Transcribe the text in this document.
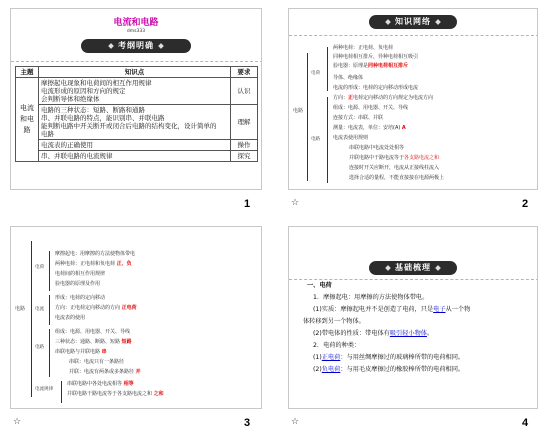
电流和电路
dms333
考纲明确
主题	知识点	要求
电流和电路	摩擦起电现象和电荷间的相互作用规律
电流形成的原因和方向的规定
会判断导体和绝缘体	认识

	电路的三种状态：短路、断路和通路
串、并联电路的特点，能识别串、并联电路
能判断电路中开关断开或闭合后电路的结构变化，设计简单的
电路	理解
	电流表的正确使用	操作
	串、并联电路的电流规律	探究
1
知识网络
电路
电荷
电路
两种电荷：正电荷、负电荷
同种电荷相互排斥，异种电荷相互吸引
验电器：原理是同种电荷相互排斥
导体、绝缘体
电流的形成：电荷的定向移动形成电流
方向：正电荷定向移动的方向规定为电流方向
组成：电源、用电器、开关、导线
连接方式：串联、并联
测量：电流表，单位：安培(A) A
电流表使用规则
串联电路中电流处处相等
并联电路中干路电流等于各支路电流之和
连接时开关应断开，电流从正接线柱流入
选择合适的量程，不能直接接在电源两极上
☆	2
电路
电荷
摩擦起电：用摩擦的方法使物体带电
两种电荷：正电荷和负电荷 正、负
电荷间的相互作用规律
验电器的原理及作用
电流
形成：电荷的定向移动
方向：正电荷定向移动的方向 正电荷
电流表的使用
电路
组成：电源、用电器、开关、导线
三种状态：通路、断路、短路 短路
串联电路与并联电路 串
串联：电流只有一条路径
并联：电流有两条或多条路径 并
电流规律
串联电路中各处电流相等 相等
并联电路干路电流等于各支路电流之和 之和
☆	3
基础梳理
一、电荷
1．摩擦起电：用摩擦的方法使物体带电。
(1)实质：摩擦起电并不是创造了电荷，只是电子从一个物
体转移到另一个物体。
(2)带电体的性质：带电体有吸引轻小物体。
2．电荷的种类：
(1)正电荷：与用丝绸摩擦过的玻璃棒所带的电荷相同。
(2)负电荷：与用毛皮摩擦过的橡胶棒所带的电荷相同。
☆	4
